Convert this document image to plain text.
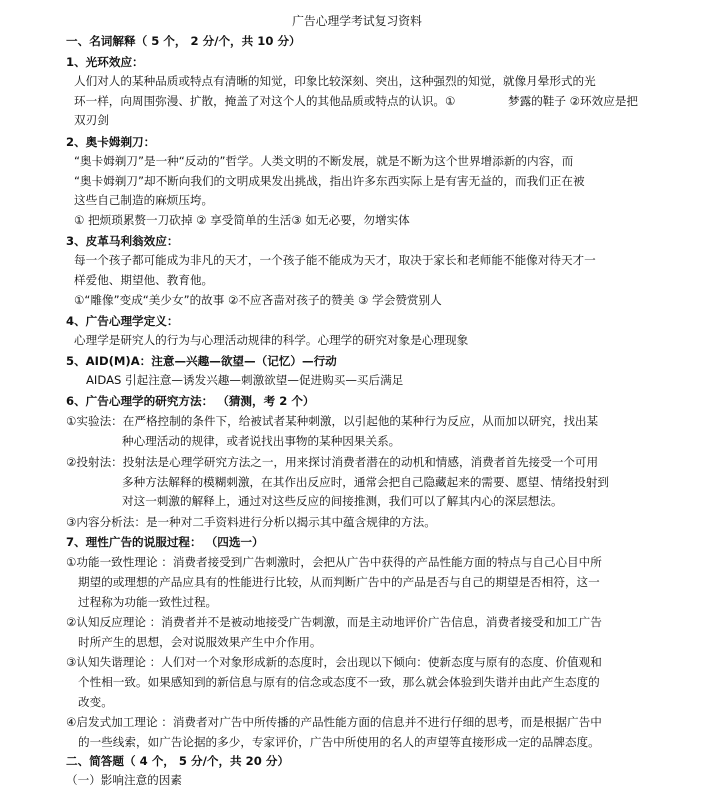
广告心理学考试复习资料
一、名词解释（ 5 个， 2 分/个，共 10 分）
1、光环效应：
人们对人的某种品质或特点有清晰的知觉，印象比较深刻、突出，这种强烈的知觉，就像月晕形式的光
环一样，向周围弥漫、扩散，掩盖了对这个人的其他品质或特点的认识。①	梦露的鞋子 ②环效应是把
双刃剑
2、奥卡姆剃刀：
“奥卡姆剃刀”是一种“反动的”哲学。人类文明的不断发展，就是不断为这个世界增添新的内容，而
“奥卡姆剃刀”却不断向我们的文明成果发出挑战，指出许多东西实际上是有害无益的，而我们正在被
这些自己制造的麻烦压垮。
① 把烦琐累赘一刀砍掉 ② 享受简单的生活③ 如无必要，勿增实体
3、皮革马利翁效应：
每一个孩子都可能成为非凡的天才，一个孩子能不能成为天才，取决于家长和老师能不能像对待天才一
样爱他、期望他、教育他。
①“雕像”变成“美少女”的故事 ②不应吝啬对孩子的赞美 ③ 学会赞赏别人
4、广告心理学定义：
心理学是研究人的行为与心理活动规律的科学。心理学的研究对象是心理现象
5、AID(M)A：注意—兴趣—欲望—（记忆）—行动
AIDAS 引起注意—诱发兴趣—刺激欲望—促进购买—买后满足
6、广告心理学的研究方法： （猜测，考 2 个）
①实验法：在严格控制的条件下，给被试者某种刺激，以引起他的某种行为反应，从而加以研究，找出某
种心理活动的规律，或者说找出事物的某种因果关系。
②投射法：投射法是心理学研究方法之一，用来探讨消费者潜在的动机和情感，消费者首先接受一个可用
多种方法解释的模糊刺激，在其作出反应时，通常会把自己隐藏起来的需要、愿望、情绪投射到
对这一刺激的解释上，通过对这些反应的间接推测，我们可以了解其内心的深层想法。
③内容分析法：是一种对二手资料进行分析以揭示其中蕴含规律的方法。
7、理性广告的说服过程： （四选一）
①功能一致性理论 ：消费者接受到广告刺激时，会把从广告中获得的产品性能方面的特点与自己心目中所
期望的或理想的产品应具有的性能进行比较，从而判断广告中的产品是否与自己的期望是否相符，这一
过程称为功能一致性过程。
②认知反应理论 ：消费者并不是被动地接受广告刺激，而是主动地评价广告信息，消费者接受和加工广告
时所产生的思想，会对说服效果产生中介作用。
③认知失谐理论 ：人们对一个对象形成新的态度时，会出现以下倾向：使新态度与原有的态度、价值观和
个性相一致。如果感知到的新信息与原有的信念或态度不一致，那么就会体验到失谐并由此产生态度的
改变。
④启发式加工理论 ：消费者对广告中所传播的产品性能方面的信息并不进行仔细的思考，而是根据广告中
的一些线索，如广告论据的多少，专家评价，广告中所使用的名人的声望等直接形成一定的品牌态度。
二、简答题（ 4 个， 5 分/个，共 20 分）
（一）影响注意的因素
